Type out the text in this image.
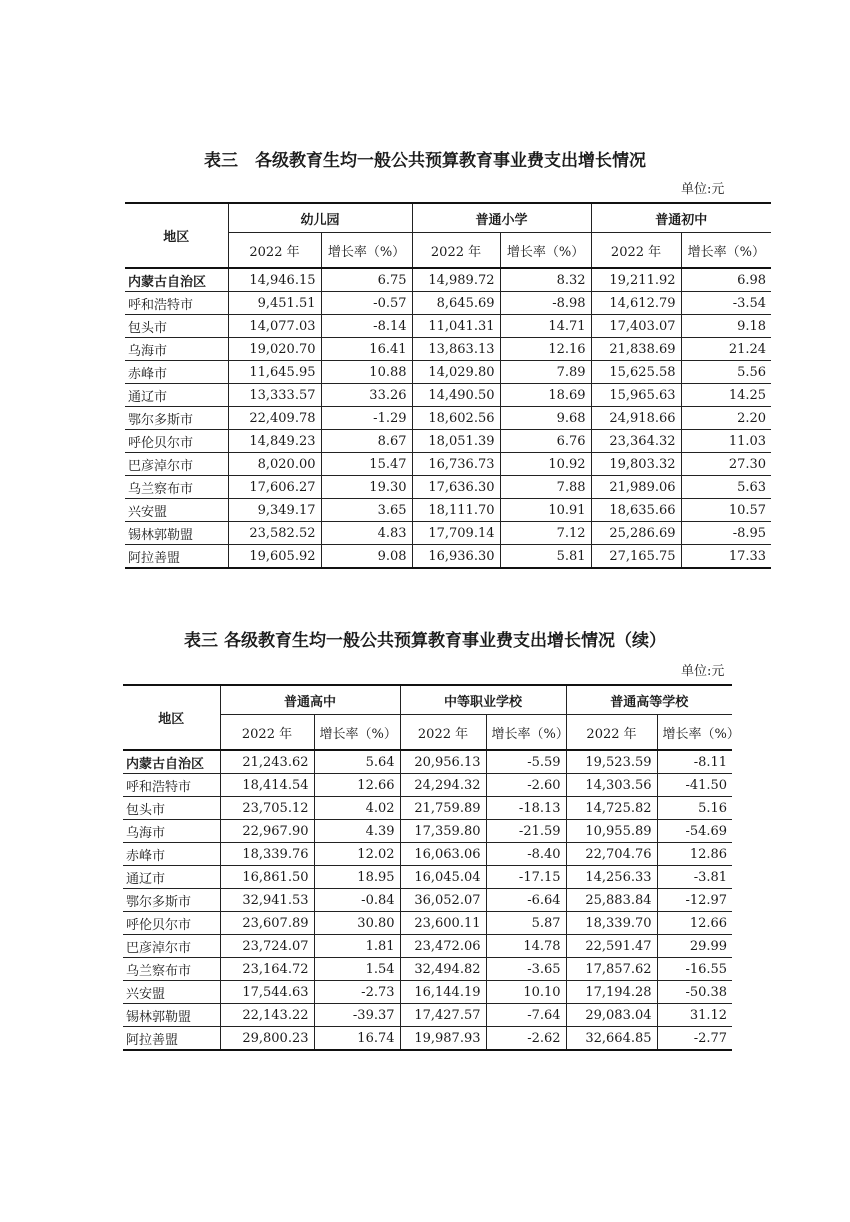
表三　各级教育生均一般公共预算教育事业费支出增长情况
单位:元
地区	幼儿园		普通小学		普通初中	
	2022 年	增长率（%）	2022 年	增长率（%）	2022 年	增长率（%）
内蒙古自治区	14,946.15	6.75	14,989.72	8.32	19,211.92	6.98
呼和浩特市	9,451.51	-0.57	8,645.69	-8.98	14,612.79	-3.54
包头市	14,077.03	-8.14	11,041.31	14.71	17,403.07	9.18
乌海市	19,020.70	16.41	13,863.13	12.16	21,838.69	21.24
赤峰市	11,645.95	10.88	14,029.80	7.89	15,625.58	5.56
通辽市	13,333.57	33.26	14,490.50	18.69	15,965.63	14.25
鄂尔多斯市	22,409.78	-1.29	18,602.56	9.68	24,918.66	2.20
呼伦贝尔市	14,849.23	8.67	18,051.39	6.76	23,364.32	11.03
巴彦淖尔市	8,020.00	15.47	16,736.73	10.92	19,803.32	27.30
乌兰察布市	17,606.27	19.30	17,636.30	7.88	21,989.06	5.63
兴安盟	9,349.17	3.65	18,111.70	10.91	18,635.66	10.57
锡林郭勒盟	23,582.52	4.83	17,709.14	7.12	25,286.69	-8.95
阿拉善盟	19,605.92	9.08	16,936.30	5.81	27,165.75	17.33
表三 各级教育生均一般公共预算教育事业费支出增长情况（续）
单位:元
地区	普通高中		中等职业学校		普通高等学校	
	2022 年	增长率（%）	2022 年	增长率（%）	2022 年	增长率（%）
内蒙古自治区	21,243.62	5.64	20,956.13	-5.59	19,523.59	-8.11
呼和浩特市	18,414.54	12.66	24,294.32	-2.60	14,303.56	-41.50
包头市	23,705.12	4.02	21,759.89	-18.13	14,725.82	5.16
乌海市	22,967.90	4.39	17,359.80	-21.59	10,955.89	-54.69
赤峰市	18,339.76	12.02	16,063.06	-8.40	22,704.76	12.86
通辽市	16,861.50	18.95	16,045.04	-17.15	14,256.33	-3.81
鄂尔多斯市	32,941.53	-0.84	36,052.07	-6.64	25,883.84	-12.97
呼伦贝尔市	23,607.89	30.80	23,600.11	5.87	18,339.70	12.66
巴彦淖尔市	23,724.07	1.81	23,472.06	14.78	22,591.47	29.99
乌兰察布市	23,164.72	1.54	32,494.82	-3.65	17,857.62	-16.55
兴安盟	17,544.63	-2.73	16,144.19	10.10	17,194.28	-50.38
锡林郭勒盟	22,143.22	-39.37	17,427.57	-7.64	29,083.04	31.12
阿拉善盟	29,800.23	16.74	19,987.93	-2.62	32,664.85	-2.77
